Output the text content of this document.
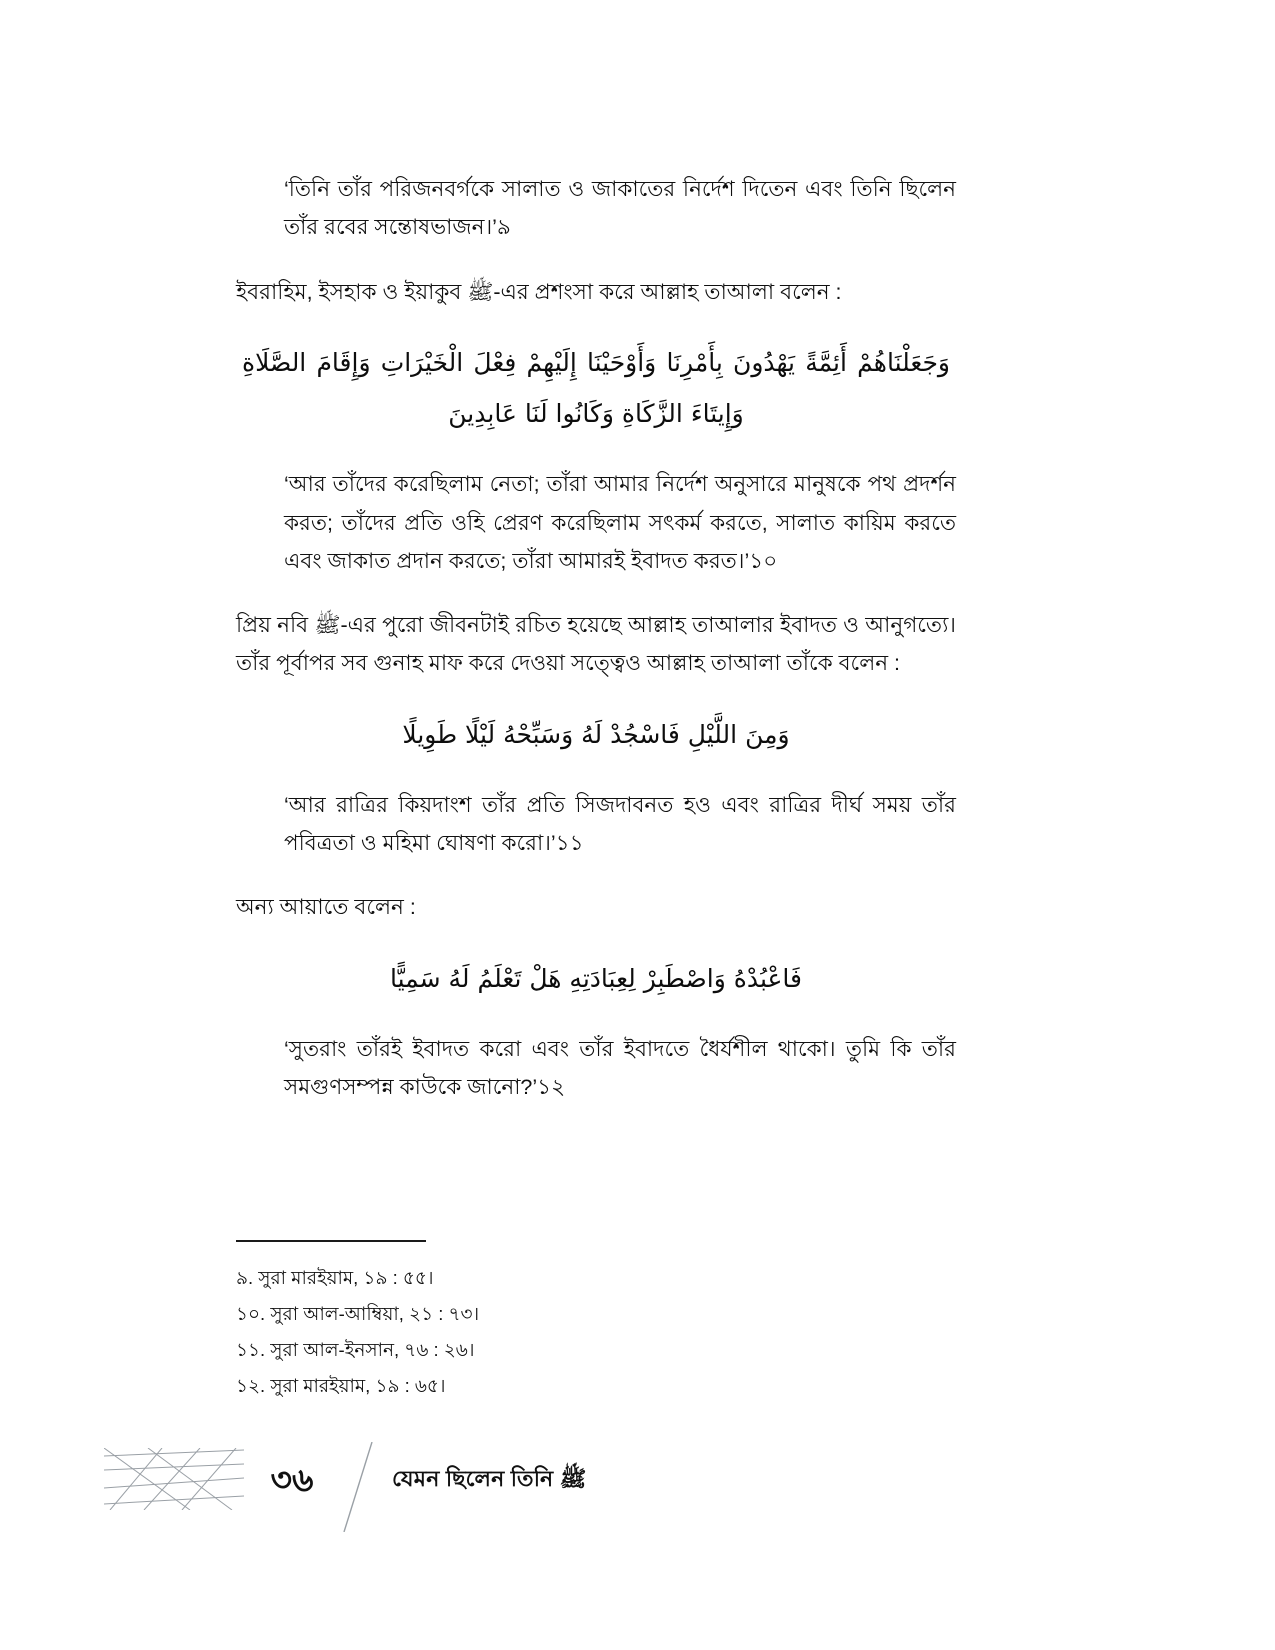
‘তিনি তাঁর পরিজনবর্গকে সালাত ও জাকাতের নির্দেশ দিতেন এবং তিনি ছিলেন তাঁর রবের সন্তোষভাজন।’৯

ইবরাহিম, ইসহাক ও ইয়াকুব ﷺ-এর প্রশংসা করে আল্লাহ তাআলা বলেন :

وَجَعَلْنَاهُمْ أَئِمَّةً يَهْدُونَ بِأَمْرِنَا وَأَوْحَيْنَا إِلَيْهِمْ فِعْلَ الْخَيْرَاتِ وَإِقَامَ الصَّلَاةِ وَإِيتَاءَ الزَّكَاةِ وَكَانُوا لَنَا عَابِدِينَ

‘আর তাঁদের করেছিলাম নেতা; তাঁরা আমার নির্দেশ অনুসারে মানুষকে পথ প্রদর্শন করত; তাঁদের প্রতি ওহি প্রেরণ করেছিলাম সৎকর্ম করতে, সালাত কায়িম করতে এবং জাকাত প্রদান করতে; তাঁরা আমারই ইবাদত করত।’১০

প্রিয় নবি ﷺ-এর পুরো জীবনটাই রচিত হয়েছে আল্লাহ তাআলার ইবাদত ও আনুগত্যে। তাঁর পূর্বাপর সব গুনাহ মাফ করে দেওয়া সত্ত্বেও আল্লাহ তাআলা তাঁকে বলেন :

وَمِنَ اللَّيْلِ فَاسْجُدْ لَهُ وَسَبِّحْهُ لَيْلًا طَوِيلًا

‘আর রাত্রির কিয়দাংশ তাঁর প্রতি সিজদাবনত হও এবং রাত্রির দীর্ঘ সময় তাঁর পবিত্রতা ও মহিমা ঘোষণা করো।’১১

অন্য আয়াতে বলেন :

فَاعْبُدْهُ وَاصْطَبِرْ لِعِبَادَتِهِ هَلْ تَعْلَمُ لَهُ سَمِيًّا

‘সুতরাং তাঁরই ইবাদত করো এবং তাঁর ইবাদতে ধৈর্যশীল থাকো। তুমি কি তাঁর সমগুণসম্পন্ন কাউকে জানো?’১২

৯. সুরা মারইয়াম, ১৯ : ৫৫।

১০. সুরা আল-আম্বিয়া, ২১ : ৭৩।

১১. সুরা আল-ইনসান, ৭৬ : ২৬।

১২. সুরা মারইয়াম, ১৯ : ৬৫।

৩৬	যেমন ছিলেন তিনি ﷺ
